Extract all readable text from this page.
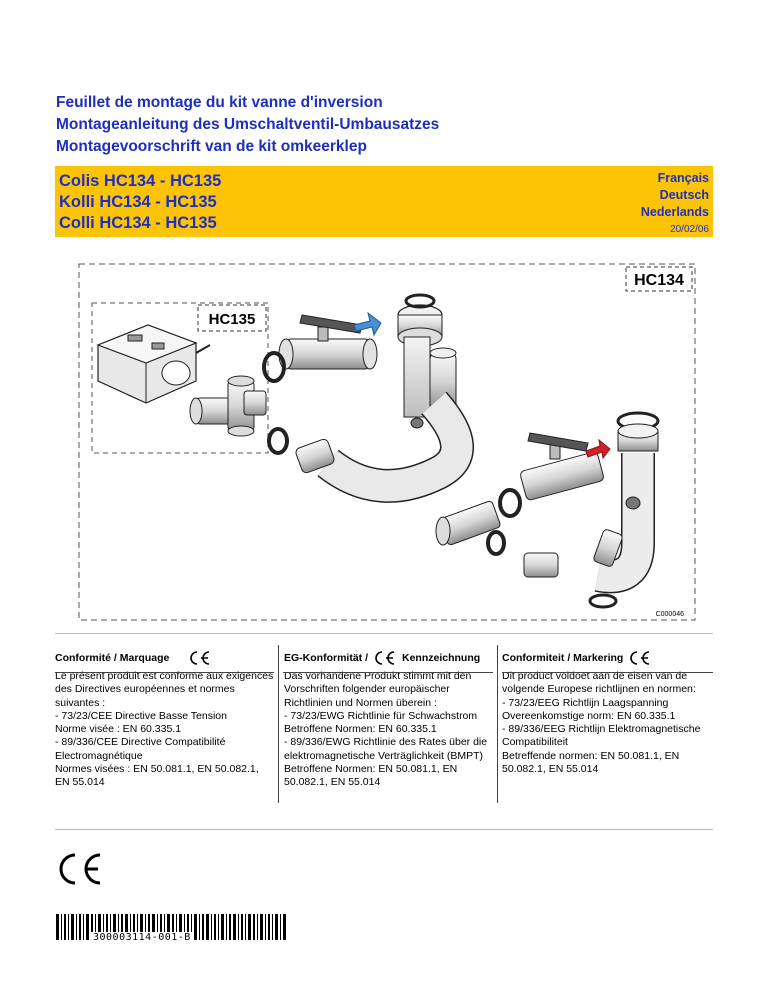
Feuillet de montage du kit vanne d'inversion
Montageanleitung des Umschaltventil-Umbausatzes
Montagevoorschrift van de kit omkeerklep
Colis HC134 - HC135
Kolli HC134 - HC135
Colli HC134 - HC135
Français
Deutsch
Nederlands
20/02/06
HC134
HC135
C000046
Conformité / Marquage
Le présent produit est conforme aux exigences
des Directives européennes et normes
suivantes :
- 73/23/CEE Directive Basse Tension
Norme visée : EN 60.335.1
- 89/336/CEE Directive Compatibilité
Electromagnétique
Normes visées : EN 50.081.1, EN 50.082.1,
EN 55.014
EG-Konformität /	Kennzeichnung
Das vorhandene Produkt stimmt mit den
Vorschriften folgender europäischer
Richtlinien und Normen überein :
- 73/23/EWG Richtlinie für Schwachstrom
Betroffene Normen: EN 60.335.1
- 89/336/EWG Richtlinie des Rates über die
elektromagnetische Verträglichkeit (BMPT)
Betroffene Normen: EN 50.081.1, EN
50.082.1, EN 55.014
Conformiteit / Markering
Dit product voldoet aan de eisen van de
volgende Europese richtlijnen en normen:
- 73/23/EEG Richtlijn Laagspanning
Overeenkomstige norm: EN 60.335.1
- 89/336/EEG Richtlijn Elektromagnetische
Compatibiliteit
Betreffende normen: EN 50.081.1, EN
50.082.1, EN 55.014
300003114-001-B
